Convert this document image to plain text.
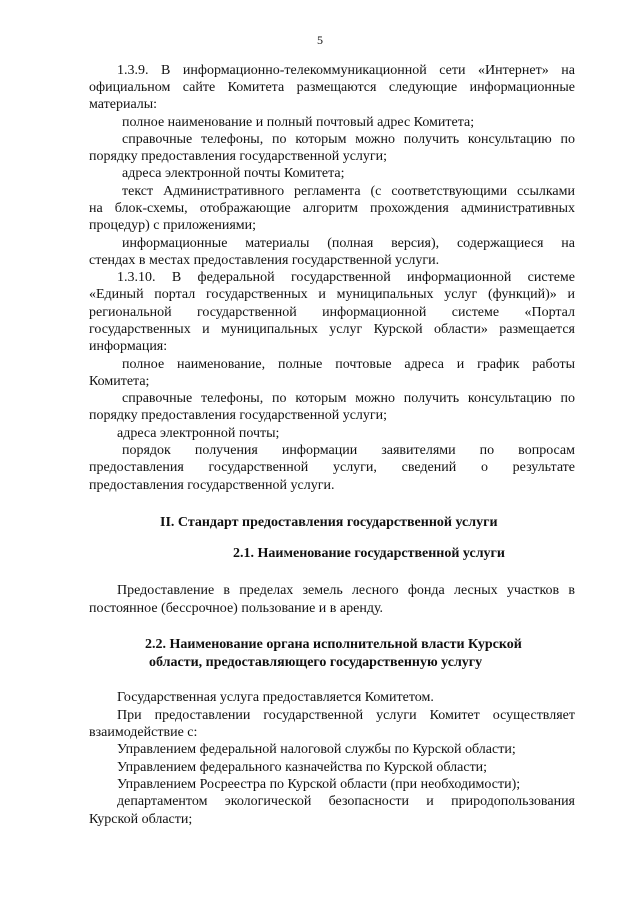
5
1.3.9. В информационно-телекоммуникационной сети «Интернет» на
официальном сайте Комитета размещаются следующие информационные
материалы:
полное наименование и полный почтовый адрес Комитета;
справочные телефоны, по которым можно получить консультацию по
порядку предоставления государственной услуги;
адреса электронной почты Комитета;
текст Административного регламента (с соответствующими ссылками
на блок-схемы, отображающие алгоритм прохождения административных
процедур) с приложениями;
информационные материалы (полная версия), содержащиеся на
стендах в местах предоставления государственной услуги.
1.3.10. В федеральной государственной информационной системе
«Единый портал государственных и муниципальных услуг (функций)» и
региональной государственной информационной системе «Портал
государственных и муниципальных услуг Курской области» размещается
информация:
полное наименование, полные почтовые адреса и график работы
Комитета;
справочные телефоны, по которым можно получить консультацию по
порядку предоставления государственной услуги;
адреса электронной почты;
порядок получения информации заявителями по вопросам
предоставления государственной услуги, сведений о результате
предоставления государственной услуги.
II. Стандарт предоставления государственной услуги
2.1. Наименование государственной услуги
Предоставление в пределах земель лесного фонда лесных участков в
постоянное (бессрочное) пользование и в аренду.
2.2. Наименование органа исполнительной власти Курской
области, предоставляющего государственную услугу
Государственная услуга предоставляется Комитетом.
При предоставлении государственной услуги Комитет осуществляет
взаимодействие с:
Управлением федеральной налоговой службы по Курской области;
Управлением федерального казначейства по Курской области;
Управлением Росреестра по Курской области (при необходимости);
департаментом экологической безопасности и природопользования
Курской области;
